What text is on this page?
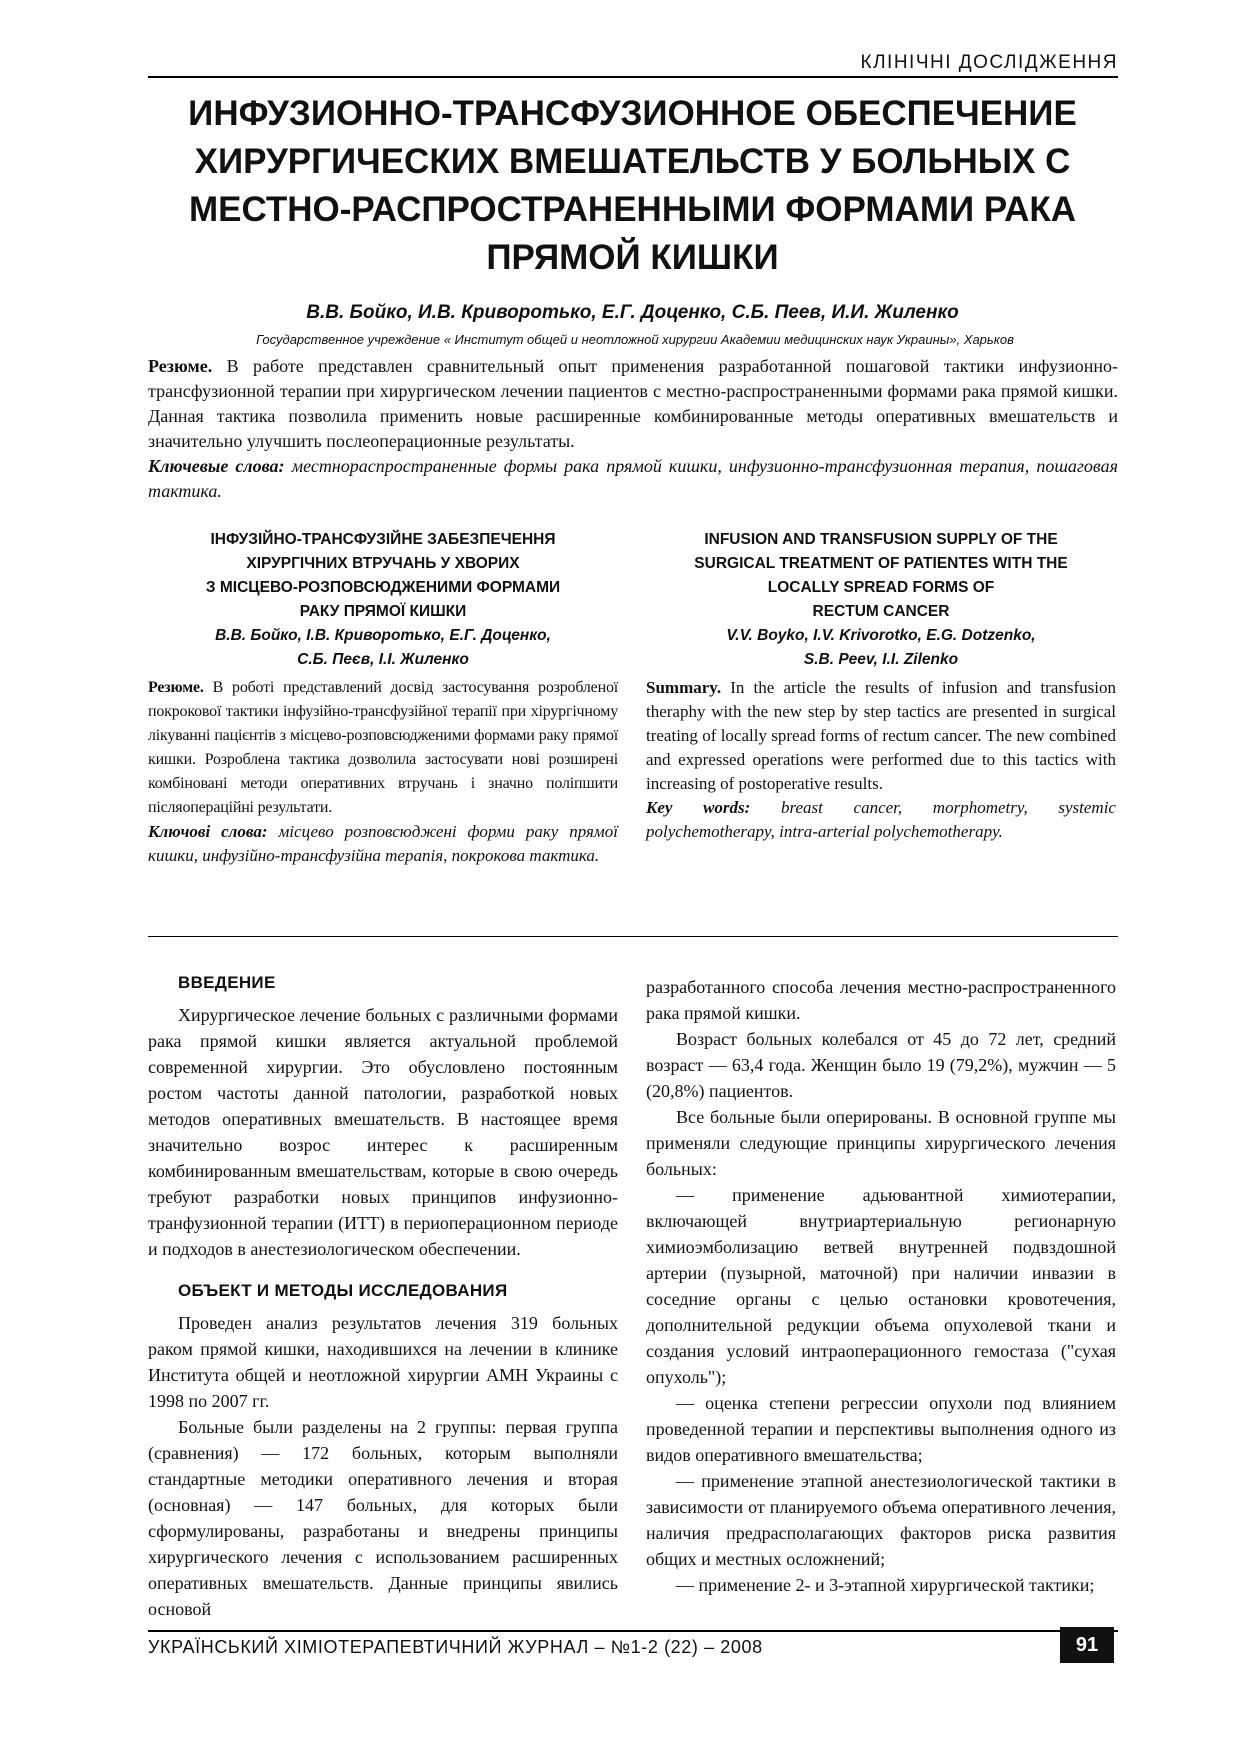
КЛІНІЧНІ ДОСЛІДЖЕННЯ
ИНФУЗИОННО-ТРАНСФУЗИОННОЕ ОБЕСПЕЧЕНИЕ ХИРУРГИЧЕСКИХ ВМЕШАТЕЛЬСТВ У БОЛЬНЫХ С МЕСТНО-РАСПРОСТРАНЕННЫМИ ФОРМАМИ РАКА ПРЯМОЙ КИШКИ
В.В. Бойко, И.В. Криворотько, Е.Г. Доценко, С.Б. Пеев, И.И. Жиленко
Государственное учреждение « Институт общей и неотложной хирургии Академии медицинских наук Украины», Харьков

Резюме. В работе представлен сравнительный опыт применения разработанной пошаговой тактики инфузионно-трансфузионной терапии при хирургическом лечении пациентов с местно-распространенными формами рака прямой кишки. Данная тактика позволила применить новые расширенные комбинированные методы оперативных вмешательств и значительно улучшить послеоперационные результаты.

Ключевые слова: местнораспространенные формы рака прямой кишки, инфузионно-трансфузионная терапия, пошаговая тактика.

ІНФУЗІЙНО-ТРАНСФУЗІЙНЕ ЗАБЕЗПЕЧЕННЯ
ХІРУРГІЧНИХ ВТРУЧАНЬ У ХВОРИХ
З МІСЦЕВО-РОЗПОВСЮДЖЕНИМИ ФОРМАМИ
РАКУ ПРЯМОЇ КИШКИ

В.В. Бойко, І.В. Криворотько, Е.Г. Доценко,
С.Б. Пеєв, І.І. Жиленко

Резюме. В роботі представлений досвід застосування розробленої покрокової тактики інфузійно-трансфузійної терапії при хірургічному лікуванні пацієнтів з місцево-розповсюдженими формами раку прямої кишки. Розроблена тактика дозволила застосувати нові розширені комбіновані методи оперативних втручань і значно поліпшити післяопераційні результати.

Ключові слова: місцево розповсюджені форми раку прямої кишки, инфузійно-трансфузійна терапія, покрокова тактика.

INFUSION AND TRANSFUSION SUPPLY OF THE
SURGICAL TREATMENT OF PATIENTES WITH THE
LOCALLY SPREAD FORMS OF
RECTUM CANCER

V.V. Boyko, I.V. Krivorotko, E.G. Dotzenko,
S.B. Peev, I.I. Zilenko

Summary. In the article the results of infusion and transfusion theraphy with the new step by step tactics are presented in surgical treating of locally spread forms of rectum cancer. The new combined and expressed operations were performed due to this tactics with increasing of postoperative results.

Key words: breast cancer, morphometry, systemic polychemotherapy, intra-arterial polychemotherapy.

ВВЕДЕНИЕ

Хирургическое лечение больных с различными формами рака прямой кишки является актуальной проблемой современной хирургии. Это обусловлено постоянным ростом частоты данной патологии, разработкой новых методов оперативных вмешательств. В настоящее время значительно возрос интерес к расширенным комбинированным вмешательствам, которые в свою очередь требуют разработки новых принципов инфузионно-транфузионной терапии (ИТТ) в периоперационном периоде и подходов в анестезиологическом обеспечении.

ОБЪЕКТ И МЕТОДЫ ИССЛЕДОВАНИЯ

Проведен анализ результатов лечения 319 больных раком прямой кишки, находившихся на лечении в клинике Института общей и неотложной хирургии АМН Украины с 1998 по 2007 гг.

Больные были разделены на 2 группы: первая группа (сравнения) — 172 больных, которым выполняли стандартные методики оперативного лечения и вторая (основная) — 147 больных, для которых были сформулированы, разработаны и внедрены принципы хирургического лечения с использованием расширенных оперативных вмешательств. Данные принципы явились основой

разработанного способа лечения местно-распространенного рака прямой кишки.

Возраст больных колебался от 45 до 72 лет, средний возраст — 63,4 года. Женщин было 19 (79,2%), мужчин — 5 (20,8%) пациентов.

Все больные были оперированы. В основной группе мы применяли следующие принципы хирургического лечения больных:

— применение адьювантной химиотерапии, включающей внутриартериальную регионарную химиоэмболизацию ветвей внутренней подвздошной артерии (пузырной, маточной) при наличии инвазии в соседние органы с целью остановки кровотечения, дополнительной редукции объема опухолевой ткани и создания условий интраоперационного гемостаза ("сухая опухоль");

— оценка степени регрессии опухоли под влиянием проведенной терапии и перспективы выполнения одного из видов оперативного вмешательства;

— применение этапной анестезиологической тактики в зависимости от планируемого объема оперативного лечения, наличия предрасполагающих факторов риска развития общих и местных осложнений;

— применение 2- и 3-этапной хирургической тактики;

УКРАЇНСЬКИЙ ХІМІОТЕРАПЕВТИЧНИЙ ЖУРНАЛ – №1-2 (22) – 2008	91
